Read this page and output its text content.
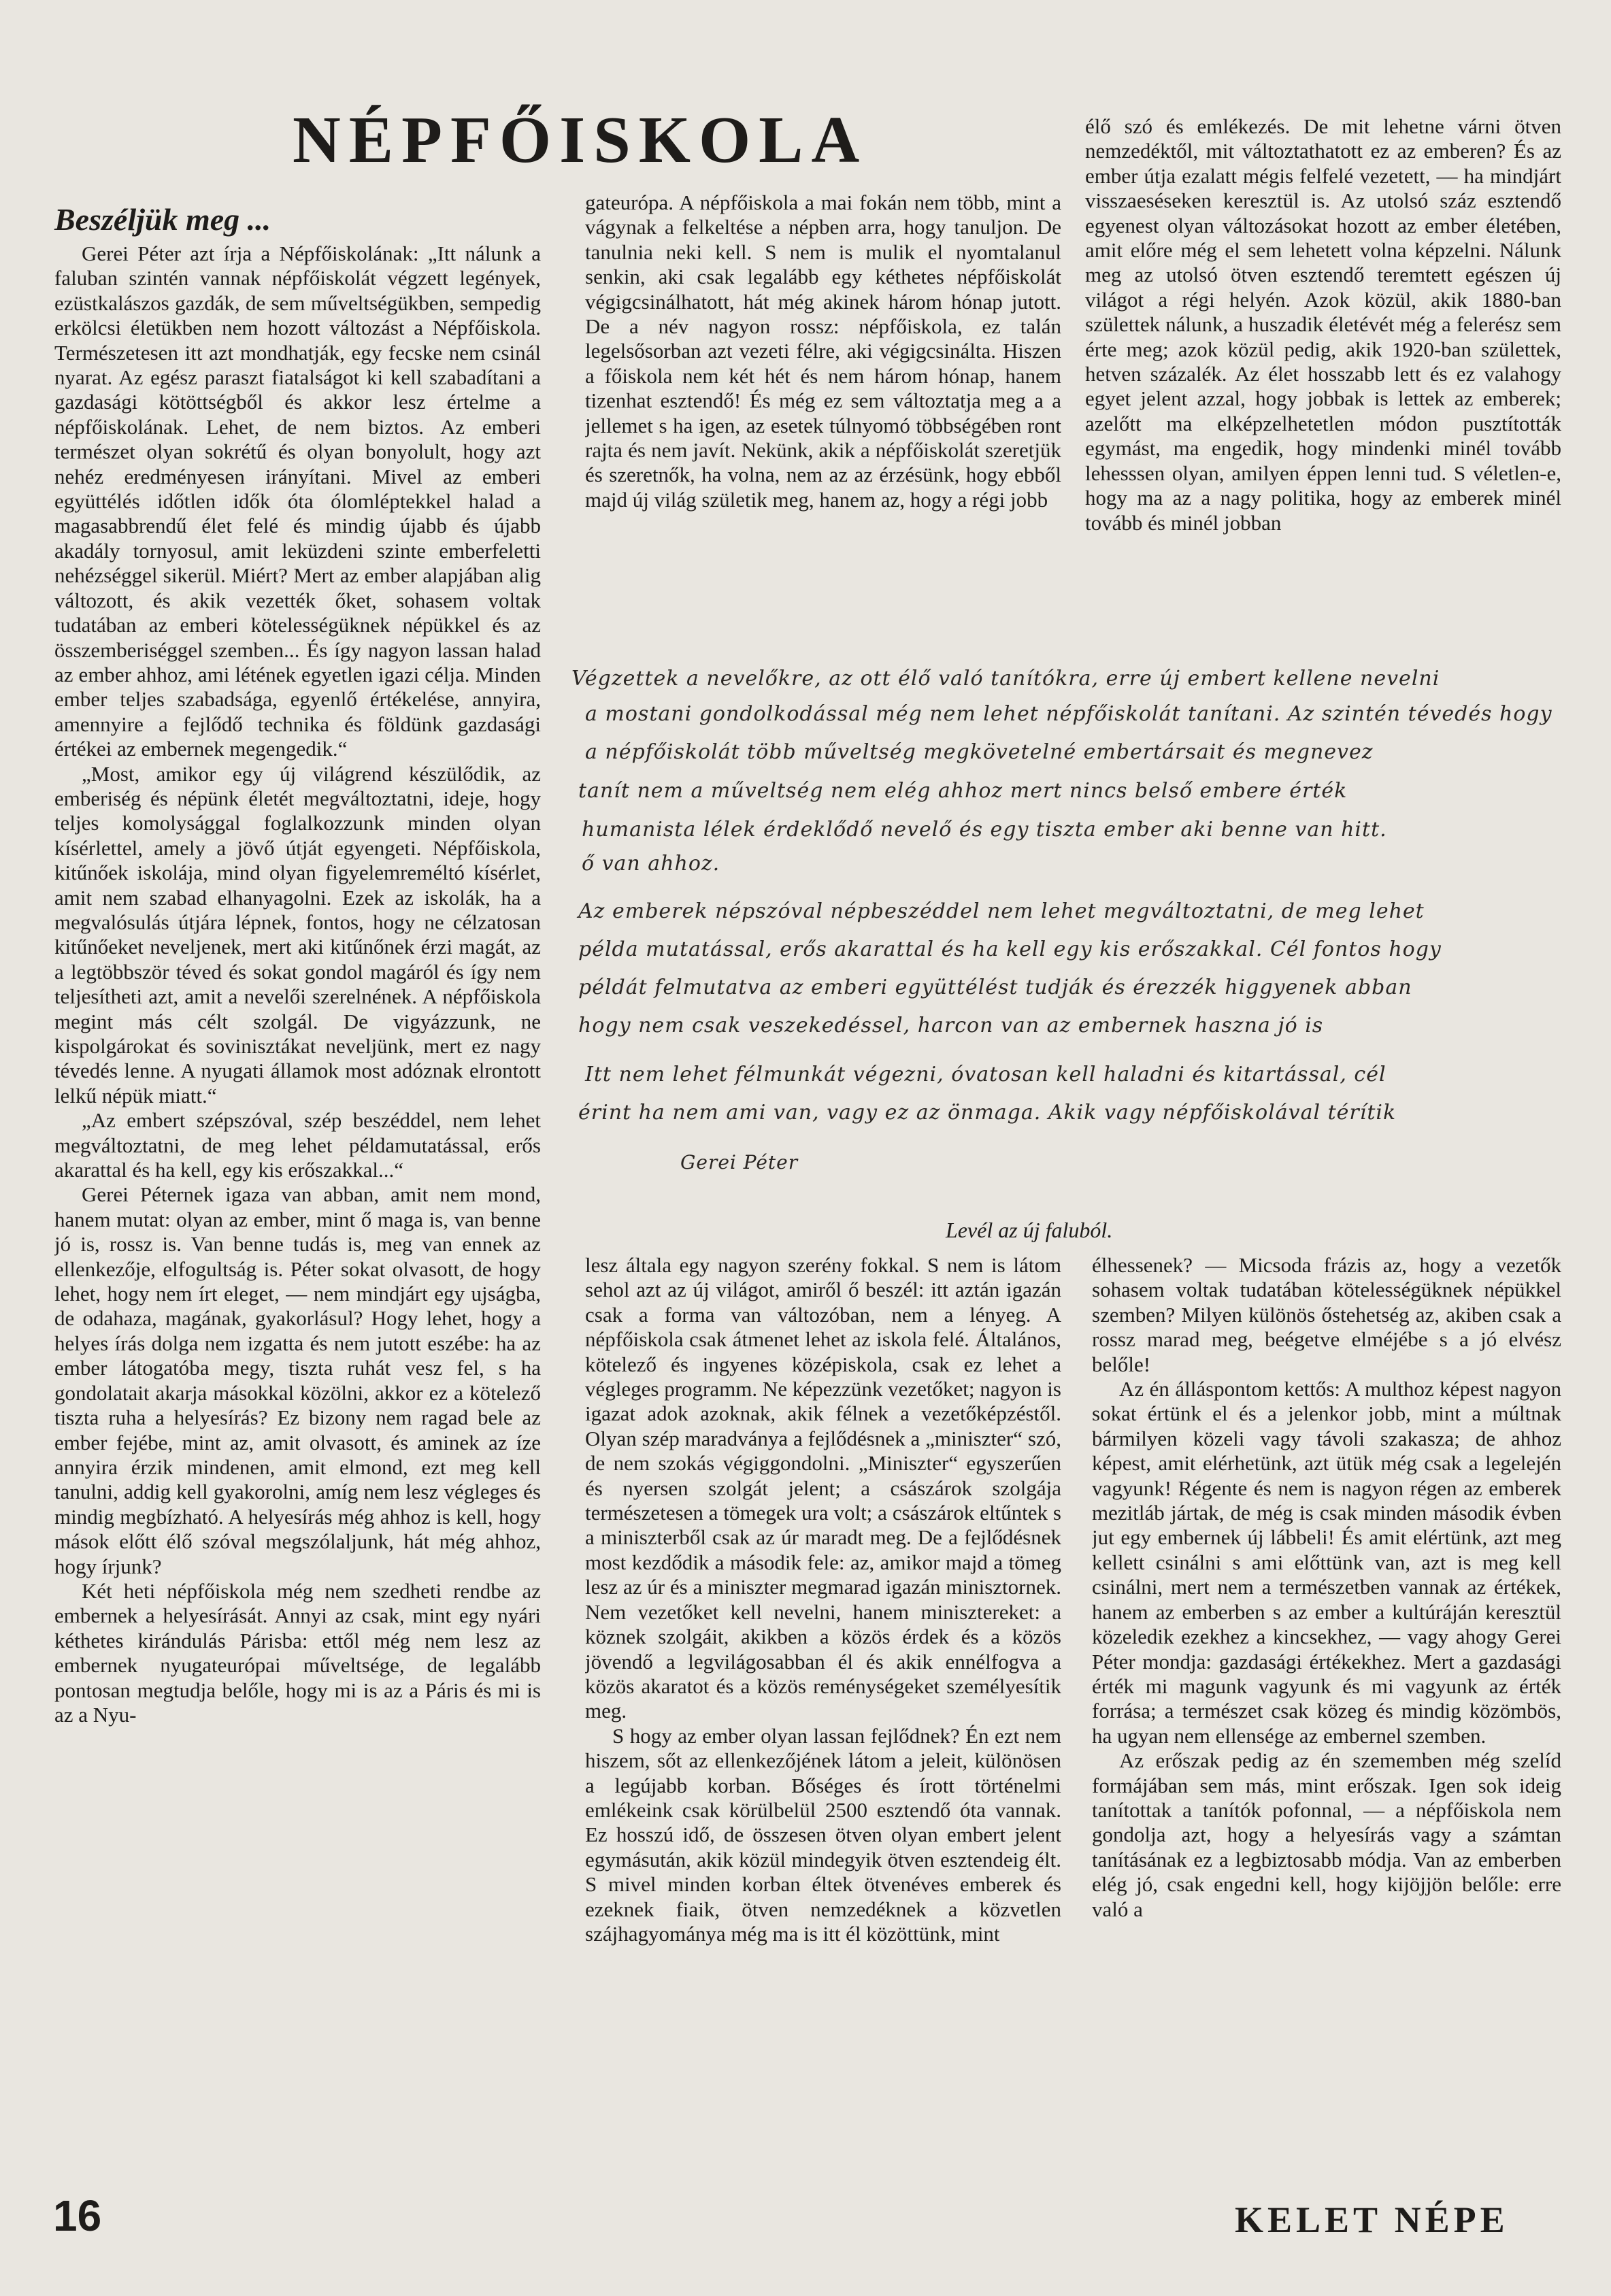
NÉPFŐISKOLA
Beszéljük meg ...

Gerei Péter azt írja a Népfőiskolának: „Itt nálunk a faluban szintén vannak népfőiskolát végzett legények, ezüstkalászos gazdák, de sem műveltségükben, sempedig erkölcsi életükben nem hozott változást a Népfőiskola. Természetesen itt azt mondhatják, egy fecske nem csinál nyarat. Az egész paraszt fiatalságot ki kell szabadítani a gazdasági kötöttségből és akkor lesz értelme a népfőiskolának. Lehet, de nem biztos. Az emberi természet olyan sokrétű és olyan bonyolult, hogy azt nehéz eredményesen irányítani. Mivel az emberi együttélés időtlen idők óta ólomléptekkel halad a magasabbrendű élet felé és mindig újabb és újabb akadály tornyosul, amit leküzdeni szinte emberfeletti nehézséggel sikerül. Miért? Mert az ember alapjában alig változott, és akik vezették őket, sohasem voltak tudatában az emberi kötelességüknek népükkel és az összemberiséggel szemben... És így nagyon lassan halad az ember ahhoz, ami létének egyetlen igazi célja. Minden ember teljes szabadsága, egyenlő értékelése, annyira, amennyire a fejlődő technika és földünk gazdasági értékei az embernek megengedik.“

„Most, amikor egy új világrend készülődik, az emberiség és népünk életét megváltoztatni, ideje, hogy teljes komolysággal foglalkozzunk minden olyan kísérlettel, amely a jövő útját egyengeti. Népfőiskola, kitűnőek iskolája, mind olyan figyelemreméltó kísérlet, amit nem szabad elhanyagolni. Ezek az iskolák, ha a megvalósulás útjára lépnek, fontos, hogy ne célzatosan kitűnőeket neveljenek, mert aki kitűnőnek érzi magát, az a legtöbbször téved és sokat gondol magáról és így nem teljesítheti azt, amit a nevelői szerelnének. A népfőiskola megint más célt szolgál. De vigyázzunk, ne kispolgárokat és sovinisztákat neveljünk, mert ez nagy tévedés lenne. A nyugati államok most adóznak elrontott lelkű népük miatt.“

„Az embert szépszóval, szép beszéddel, nem lehet megváltoztatni, de meg lehet példamutatással, erős akarattal és ha kell, egy kis erőszakkal...“

Gerei Péternek igaza van abban, amit nem mond, hanem mutat: olyan az ember, mint ő maga is, van benne jó is, rossz is. Van benne tudás is, meg van ennek az ellenkezője, elfogultság is. Péter sokat olvasott, de hogy lehet, hogy nem írt eleget, — nem mindjárt egy ujságba, de odahaza, magának, gyakorlásul? Hogy lehet, hogy a helyes írás dolga nem izgatta és nem jutott eszébe: ha az ember látogatóba megy, tiszta ruhát vesz fel, s ha gondolatait akarja másokkal közölni, akkor ez a kötelező tiszta ruha a helyesírás? Ez bizony nem ragad bele az ember fejébe, mint az, amit olvasott, és aminek az íze annyira érzik mindenen, amit elmond, ezt meg kell tanulni, addig kell gyakorolni, amíg nem lesz végleges és mindig megbízható. A helyesírás még ahhoz is kell, hogy mások előtt élő szóval megszólaljunk, hát még ahhoz, hogy írjunk?

Két heti népfőiskola még nem szedheti rendbe az embernek a helyesírását. Annyi az csak, mint egy nyári kéthetes kirándulás Párisba: ettől még nem lesz az embernek nyugateurópai műveltsége, de legalább pontosan megtudja belőle, hogy mi is az a Páris és mi is az a Nyu-

gateurópa. A népfőiskola a mai fokán nem több, mint a vágynak a felkeltése a népben arra, hogy tanuljon. De tanulnia neki kell. S nem is mulik el nyomtalanul senkin, aki csak legalább egy kéthetes népfőiskolát végigcsinálhatott, hát még akinek három hónap jutott. De a név nagyon rossz: népfőiskola, ez talán legelsősorban azt vezeti félre, aki végigcsinálta. Hiszen a főiskola nem két hét és nem három hónap, hanem tizenhat esztendő! És még ez sem változtatja meg a a jellemet s ha igen, az esetek túlnyomó többségében ront rajta és nem javít. Nekünk, akik a népfőiskolát szeretjük és szeretnők, ha volna, nem az az érzésünk, hogy ebből majd új világ születik meg, hanem az, hogy a régi jobb

élő szó és emlékezés. De mit lehetne várni ötven nemzedéktől, mit változtathatott ez az emberen? És az ember útja ezalatt mégis felfelé vezetett, — ha mindjárt visszaeséseken keresztül is. Az utolsó száz esztendő egyenest olyan változásokat hozott az ember életében, amit előre még el sem lehetett volna képzelni. Nálunk meg az utolsó ötven esztendő teremtett egészen új világot a régi helyén. Azok közül, akik 1880-ban születtek nálunk, a huszadik életévét még a felerész sem érte meg; azok közül pedig, akik 1920-ban születtek, hetven százalék. Az élet hosszabb lett és ez valahogy egyet jelent azzal, hogy jobbak is lettek az emberek; azelőtt ma elképzelhetetlen módon pusztították egymást, ma engedik, hogy mindenki minél tovább lehesssen olyan, amilyen éppen lenni tud. S véletlen-e, hogy ma az a nagy politika, hogy az emberek minél tovább és minél jobban

Végzettek a nevelőkre, az ott élő való tanítókra, erre új embert kellene nevelni
a mostani gondolkodással még nem lehet népfőiskolát tanítani. Az szintén tévedés hogy
a népfőiskolát több műveltség megkövetelné embertársait és megnevez
tanít nem a műveltség nem elég ahhoz mert nincs belső embere érték
humanista lélek érdeklődő nevelő és egy tiszta ember aki benne van hitt.
ő van ahhoz.
Az emberek népszóval népbeszéddel nem lehet megváltoztatni, de meg lehet
példa mutatással, erős akarattal és ha kell egy kis erőszakkal. Cél fontos hogy
példát felmutatva az emberi együttélést tudják és érezzék higgyenek abban
hogy nem csak veszekedéssel, harcon van az embernek haszna jó is
Itt nem lehet félmunkát végezni, óvatosan kell haladni és kitartással, cél
érint ha nem ami van, vagy ez az önmaga. Akik vagy népfőiskolával térítik
Gerei Péter
Levél az új faluból.

lesz általa egy nagyon szerény fokkal. S nem is látom sehol azt az új világot, amiről ő beszél: itt aztán igazán csak a forma van változóban, nem a lényeg. A népfőiskola csak átmenet lehet az iskola felé. Általános, kötelező és ingyenes középiskola, csak ez lehet a végleges programm. Ne képezzünk vezetőket; nagyon is igazat adok azoknak, akik félnek a vezetőképzéstől. Olyan szép maradványa a fejlődésnek a „miniszter“ szó, de nem szokás végiggondolni. „Miniszter“ egyszerűen és nyersen szolgát jelent; a császárok szolgája természetesen a tömegek ura volt; a császárok eltűntek s a miniszterből csak az úr maradt meg. De a fejlődésnek most kezdődik a második fele: az, amikor majd a tömeg lesz az úr és a miniszter megmarad igazán minisztornek. Nem vezetőket kell nevelni, hanem minisztereket: a köznek szolgáit, akikben a közös érdek és a közös jövendő a legvilágosabban él és akik ennélfogva a közös akaratot és a közös reménységeket személyesítik meg.

S hogy az ember olyan lassan fejlődnek? Én ezt nem hiszem, sőt az ellenkezőjének látom a jeleit, különösen a legújabb korban. Bőséges és írott történelmi emlékeink csak körülbelül 2500 esztendő óta vannak. Ez hosszú idő, de összesen ötven olyan embert jelent egymásután, akik közül mindegyik ötven esztendeig élt. S mivel minden korban éltek ötvenéves emberek és ezeknek fiaik, ötven nemzedéknek a közvetlen szájhagyománya még ma is itt él közöttünk, mint

élhessenek? — Micsoda frázis az, hogy a vezetők sohasem voltak tudatában kötelességüknek népükkel szemben? Milyen különös őstehetség az, akiben csak a rossz marad meg, beégetve elméjébe s a jó elvész belőle!

Az én álláspontom kettős: A multhoz képest nagyon sokat értünk el és a jelenkor jobb, mint a múltnak bármilyen közeli vagy távoli szakasza; de ahhoz képest, amit elérhetünk, azt ütük még csak a legelején vagyunk! Régente és nem is nagyon régen az emberek mezitláb jártak, de még is csak minden második évben jut egy embernek új lábbeli! És amit elértünk, azt meg kellett csinálni s ami előttünk van, azt is meg kell csinálni, mert nem a természetben vannak az értékek, hanem az emberben s az ember a kultúráján keresztül közeledik ezekhez a kincsekhez, — vagy ahogy Gerei Péter mondja: gazdasági értékekhez. Mert a gazdasági érték mi magunk vagyunk és mi vagyunk az érték forrása; a természet csak közeg és mindig közömbös, ha ugyan nem ellensége az embernel szemben.

Az erőszak pedig az én szememben még szelíd formájában sem más, mint erőszak. Igen sok ideig tanítottak a tanítók pofonnal, — a népfőiskola nem gondolja azt, hogy a helyesírás vagy a számtan tanításának ez a legbiztosabb módja. Van az emberben elég jó, csak engedni kell, hogy kijöjjön belőle: erre való a

16	KELET NÉPE
